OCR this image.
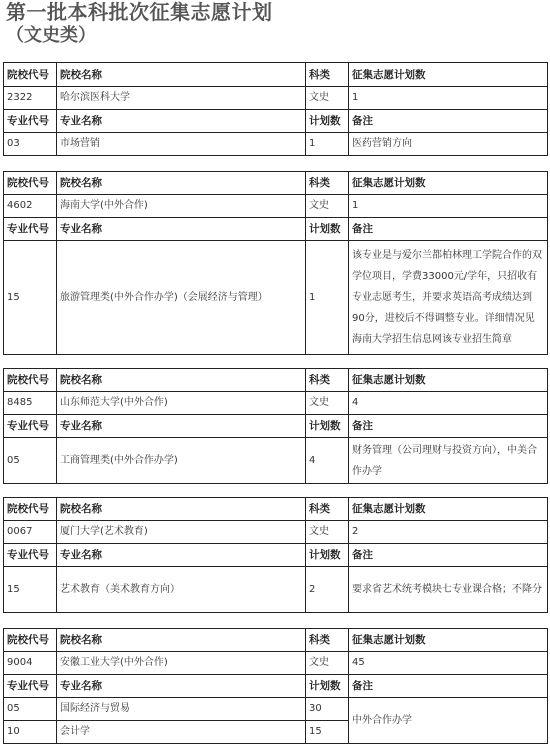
第一批本科批次征集志愿计划
（文史类）
院校代号	院校名称	科类	征集志愿计划数
2322	哈尔滨医科大学	文史	1
专业代号	专业名称	计划数	备注
03	市场营销	1	医药营销方向
院校代号	院校名称	科类	征集志愿计划数
4602	海南大学(中外合作)	文史	1
专业代号	专业名称	计划数	备注
15	旅游管理类(中外合作办学)（会展经济与管理）	1	该专业是与爱尔兰都柏林理工学院合作的双学位项目，学费33000元/学年，只招收有专业志愿考生，并要求英语高考成绩达到90分，进校后不得调整专业。详细情况见海南大学招生信息网该专业招生简章
院校代号	院校名称	科类	征集志愿计划数
8485	山东师范大学(中外合作)	文史	4
专业代号	专业名称	计划数	备注
05	工商管理类(中外合作办学)	4	财务管理（公司理财与投资方向），中美合作办学
院校代号	院校名称	科类	征集志愿计划数
0067	厦门大学(艺术教育)	文史	2
专业代号	专业名称	计划数	备注
15	艺术教育（美术教育方向）	2	要求省艺术统考模块七专业课合格；不降分
院校代号	院校名称	科类	征集志愿计划数
9004	安徽工业大学(中外合作)	文史	45
专业代号	专业名称	计划数	备注
05	国际经济与贸易	30	中外合作办学
10	会计学	15	
